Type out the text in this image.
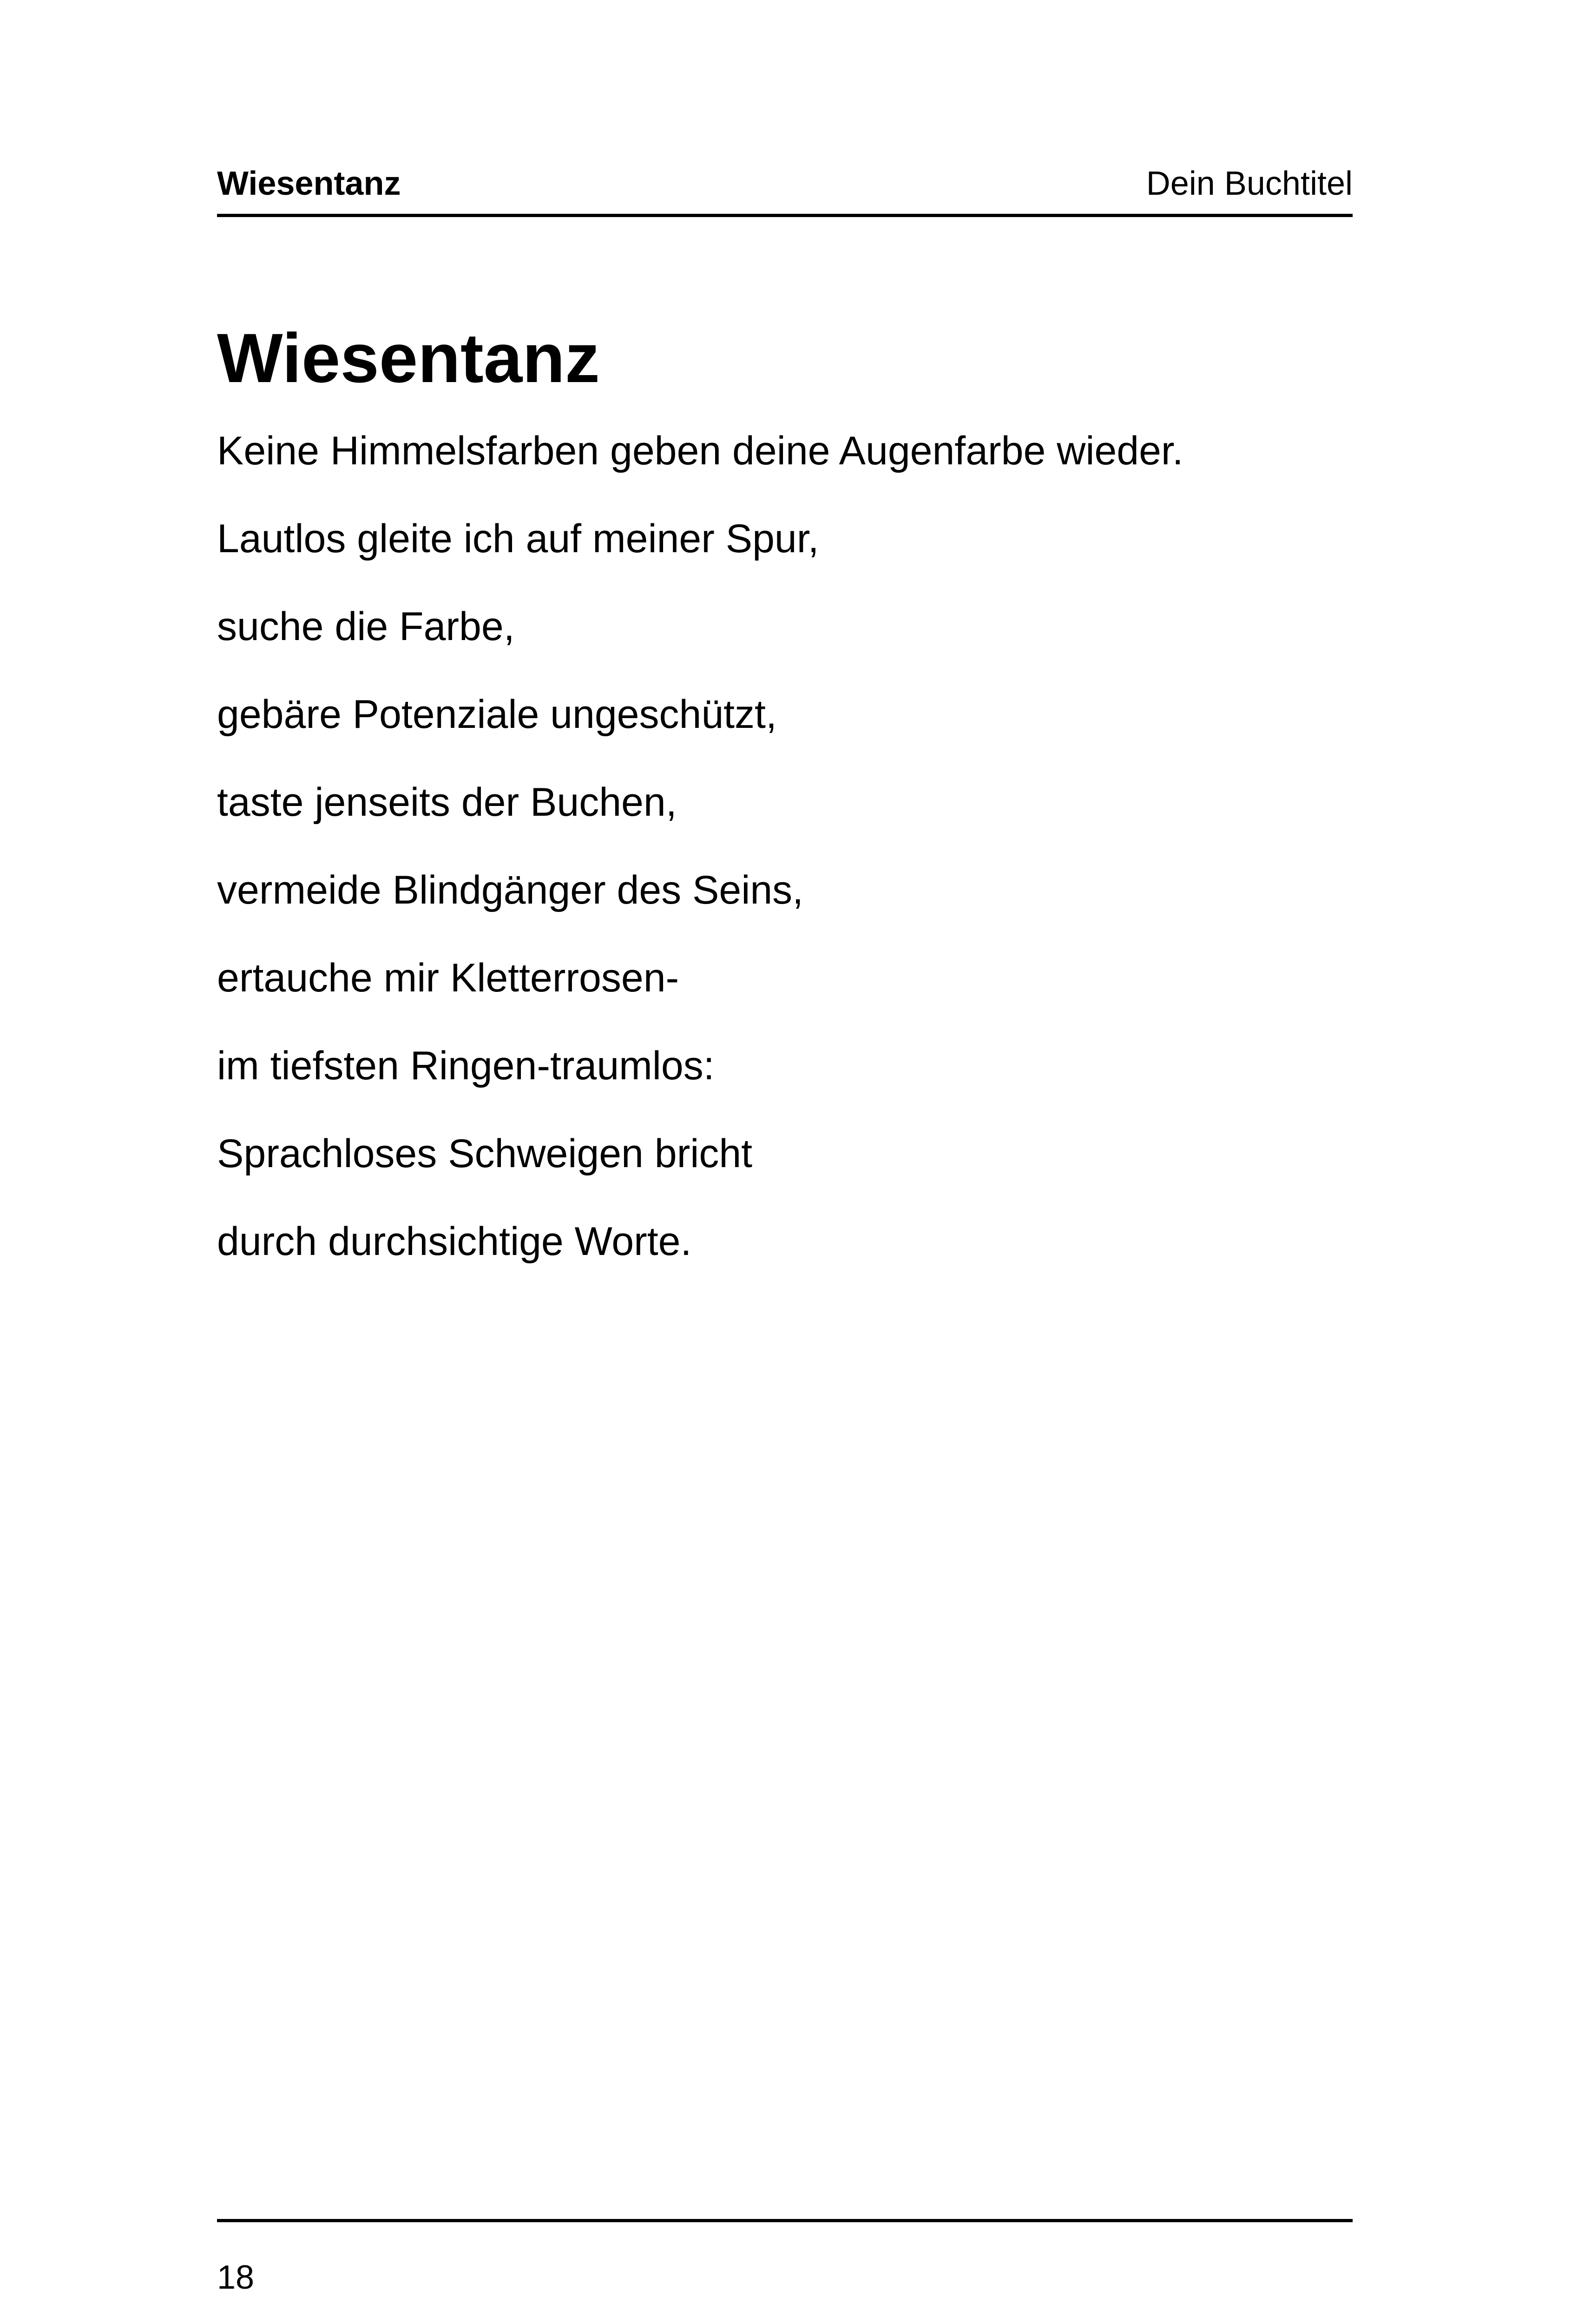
Wiesentanz	Dein Buchtitel
Wiesentanz
Keine Himmelsfarben geben deine Augenfarbe wieder.
Lautlos gleite ich auf meiner Spur,
suche die Farbe,
gebäre Potenziale ungeschützt,
taste jenseits der Buchen,
vermeide Blindgänger des Seins,
ertauche mir Kletterrosen-
im tiefsten Ringen-traumlos:
Sprachloses Schweigen bricht
durch durchsichtige Worte.
18
